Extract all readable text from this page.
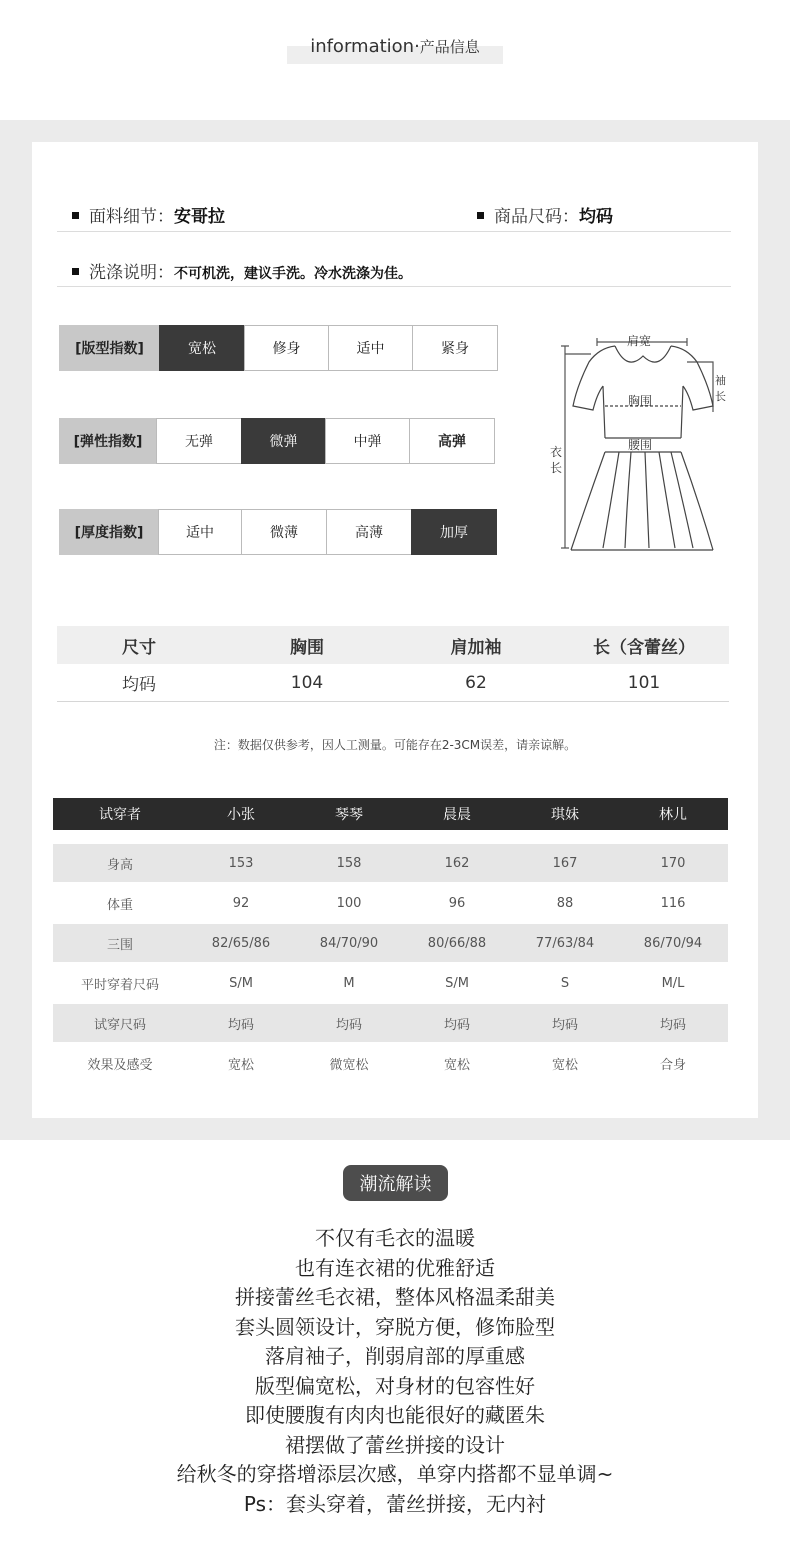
information·产品信息
面料细节：安哥拉	商品尺码：均码
洗涤说明：不可机洗，建议手洗。冷水洗涤为佳。
[版型指数]	宽松	修身	适中	紧身
[弹性指数]	无弹	微弹	中弹	高弹
[厚度指数]	适中	微薄	高薄	加厚
肩宽
袖
长
胸围
腰围
衣
长
尺寸	胸围	肩加袖	长（含蕾丝）
均码	104	62	101
注：数据仅供参考，因人工测量。可能存在2-3CM误差，请亲谅解。
试穿者	小张	琴琴	晨晨	琪妹	林儿
身高	153	158	162	167	170
体重	92	100	96	88	116
三围	82/65/86	84/70/90	80/66/88	77/63/84	86/70/94
平时穿着尺码	S/M	M	S/M	S	M/L
试穿尺码	均码	均码	均码	均码	均码
效果及感受	宽松	微宽松	宽松	宽松	合身
潮流解读
不仅有毛衣的温暖
也有连衣裙的优雅舒适
拼接蕾丝毛衣裙，整体风格温柔甜美
套头圆领设计，穿脱方便，修饰脸型
落肩袖子，削弱肩部的厚重感
版型偏宽松，对身材的包容性好
即使腰腹有肉肉也能很好的藏匿朱
裙摆做了蕾丝拼接的设计
给秋冬的穿搭增添层次感，单穿内搭都不显单调~
Ps：套头穿着，蕾丝拼接，无内衬
